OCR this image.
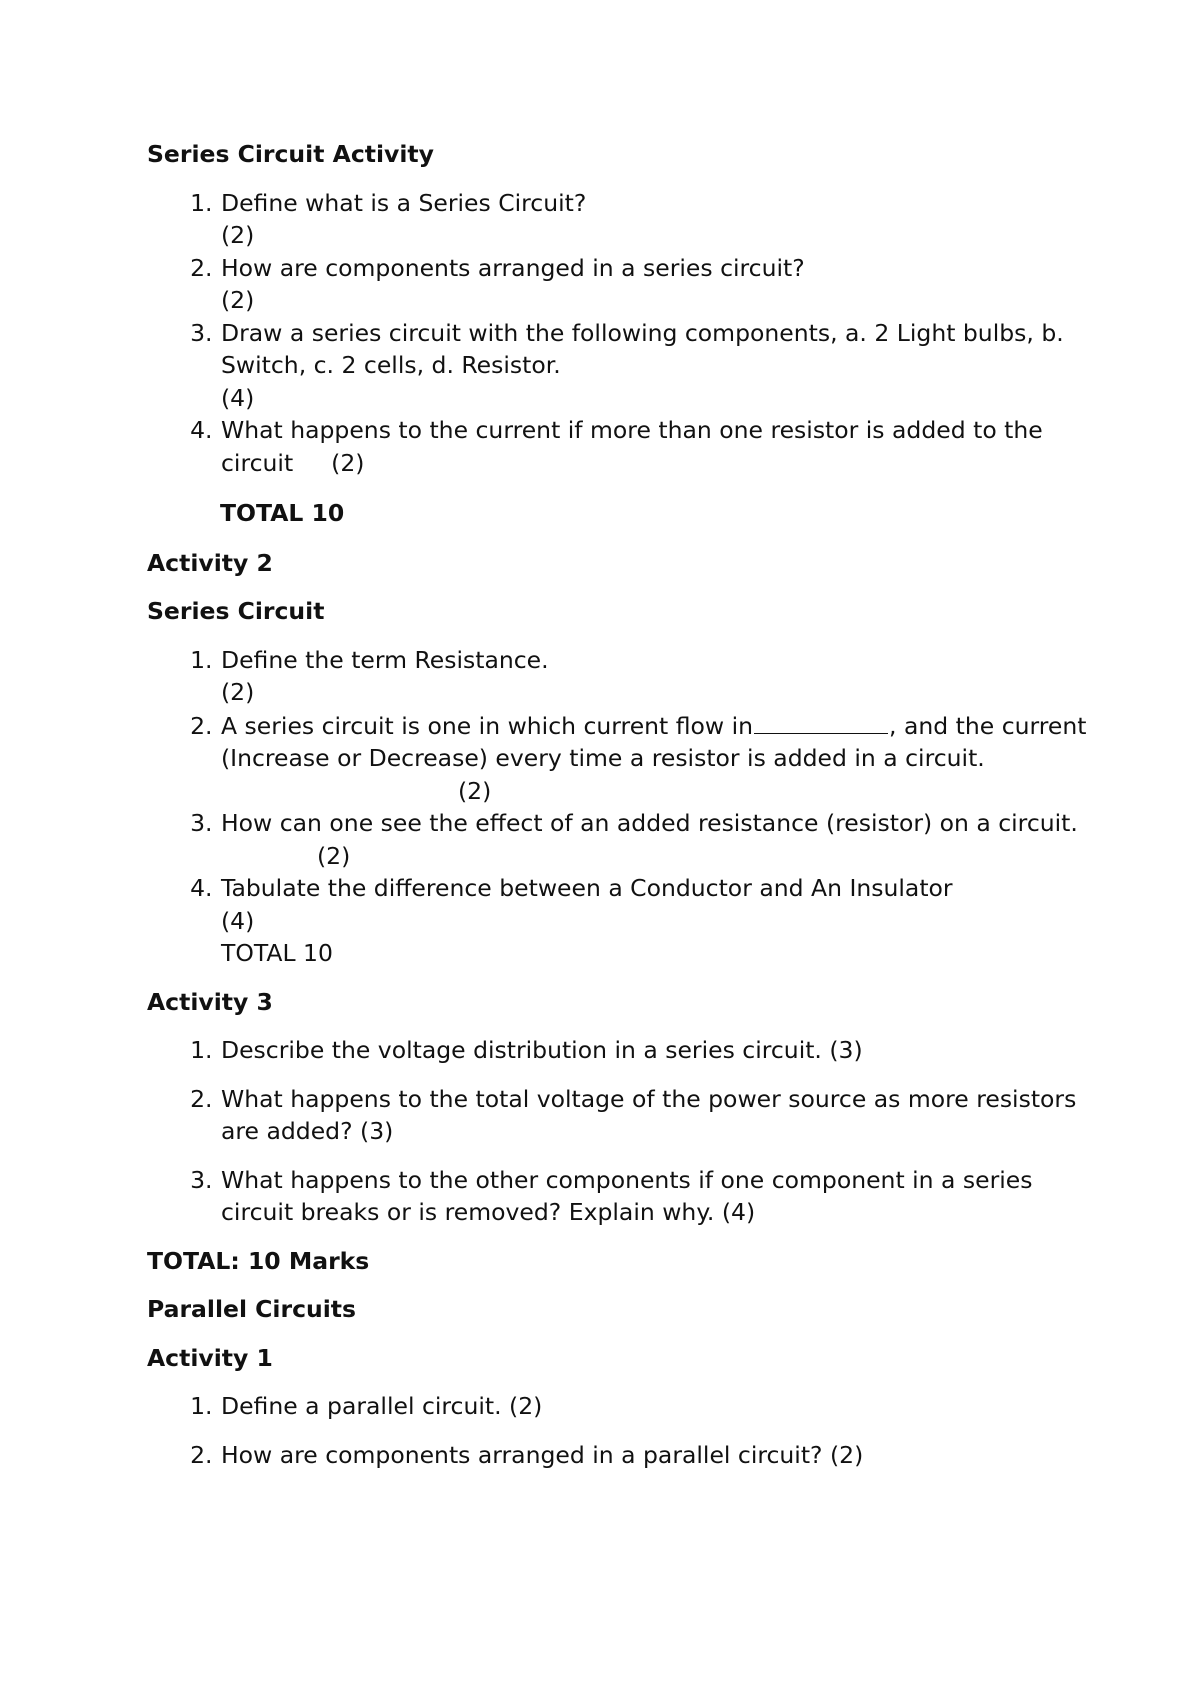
Series Circuit Activity
1. Define what is a Series Circuit?
(2)
2. How are components arranged in a series circuit?
(2)
3. Draw a series circuit with the following components, a. 2 Light bulbs, b. Switch, c. 2 cells, d. Resistor.
(4)
4. What happens to the current if more than one resistor is added to the circuit (2)
TOTAL 10
Activity 2
Series Circuit
1. Define the term Resistance.
(2)
2. A series circuit is one in which current flow in	, and the current (Increase or Decrease) every time a resistor is added in a circuit.(2)
3. How can one see the effect of an added resistance (resistor) on a circuit.(2)
4. Tabulate the difference between a Conductor and An Insulator
(4)
TOTAL 10
Activity 3
1. Describe the voltage distribution in a series circuit. (3)
2. What happens to the total voltage of the power source as more resistors are added? (3)
3. What happens to the other components if one component in a series circuit breaks or is removed? Explain why. (4)
TOTAL: 10 Marks
Parallel Circuits
Activity 1
1. Define a parallel circuit. (2)
2. How are components arranged in a parallel circuit? (2)
